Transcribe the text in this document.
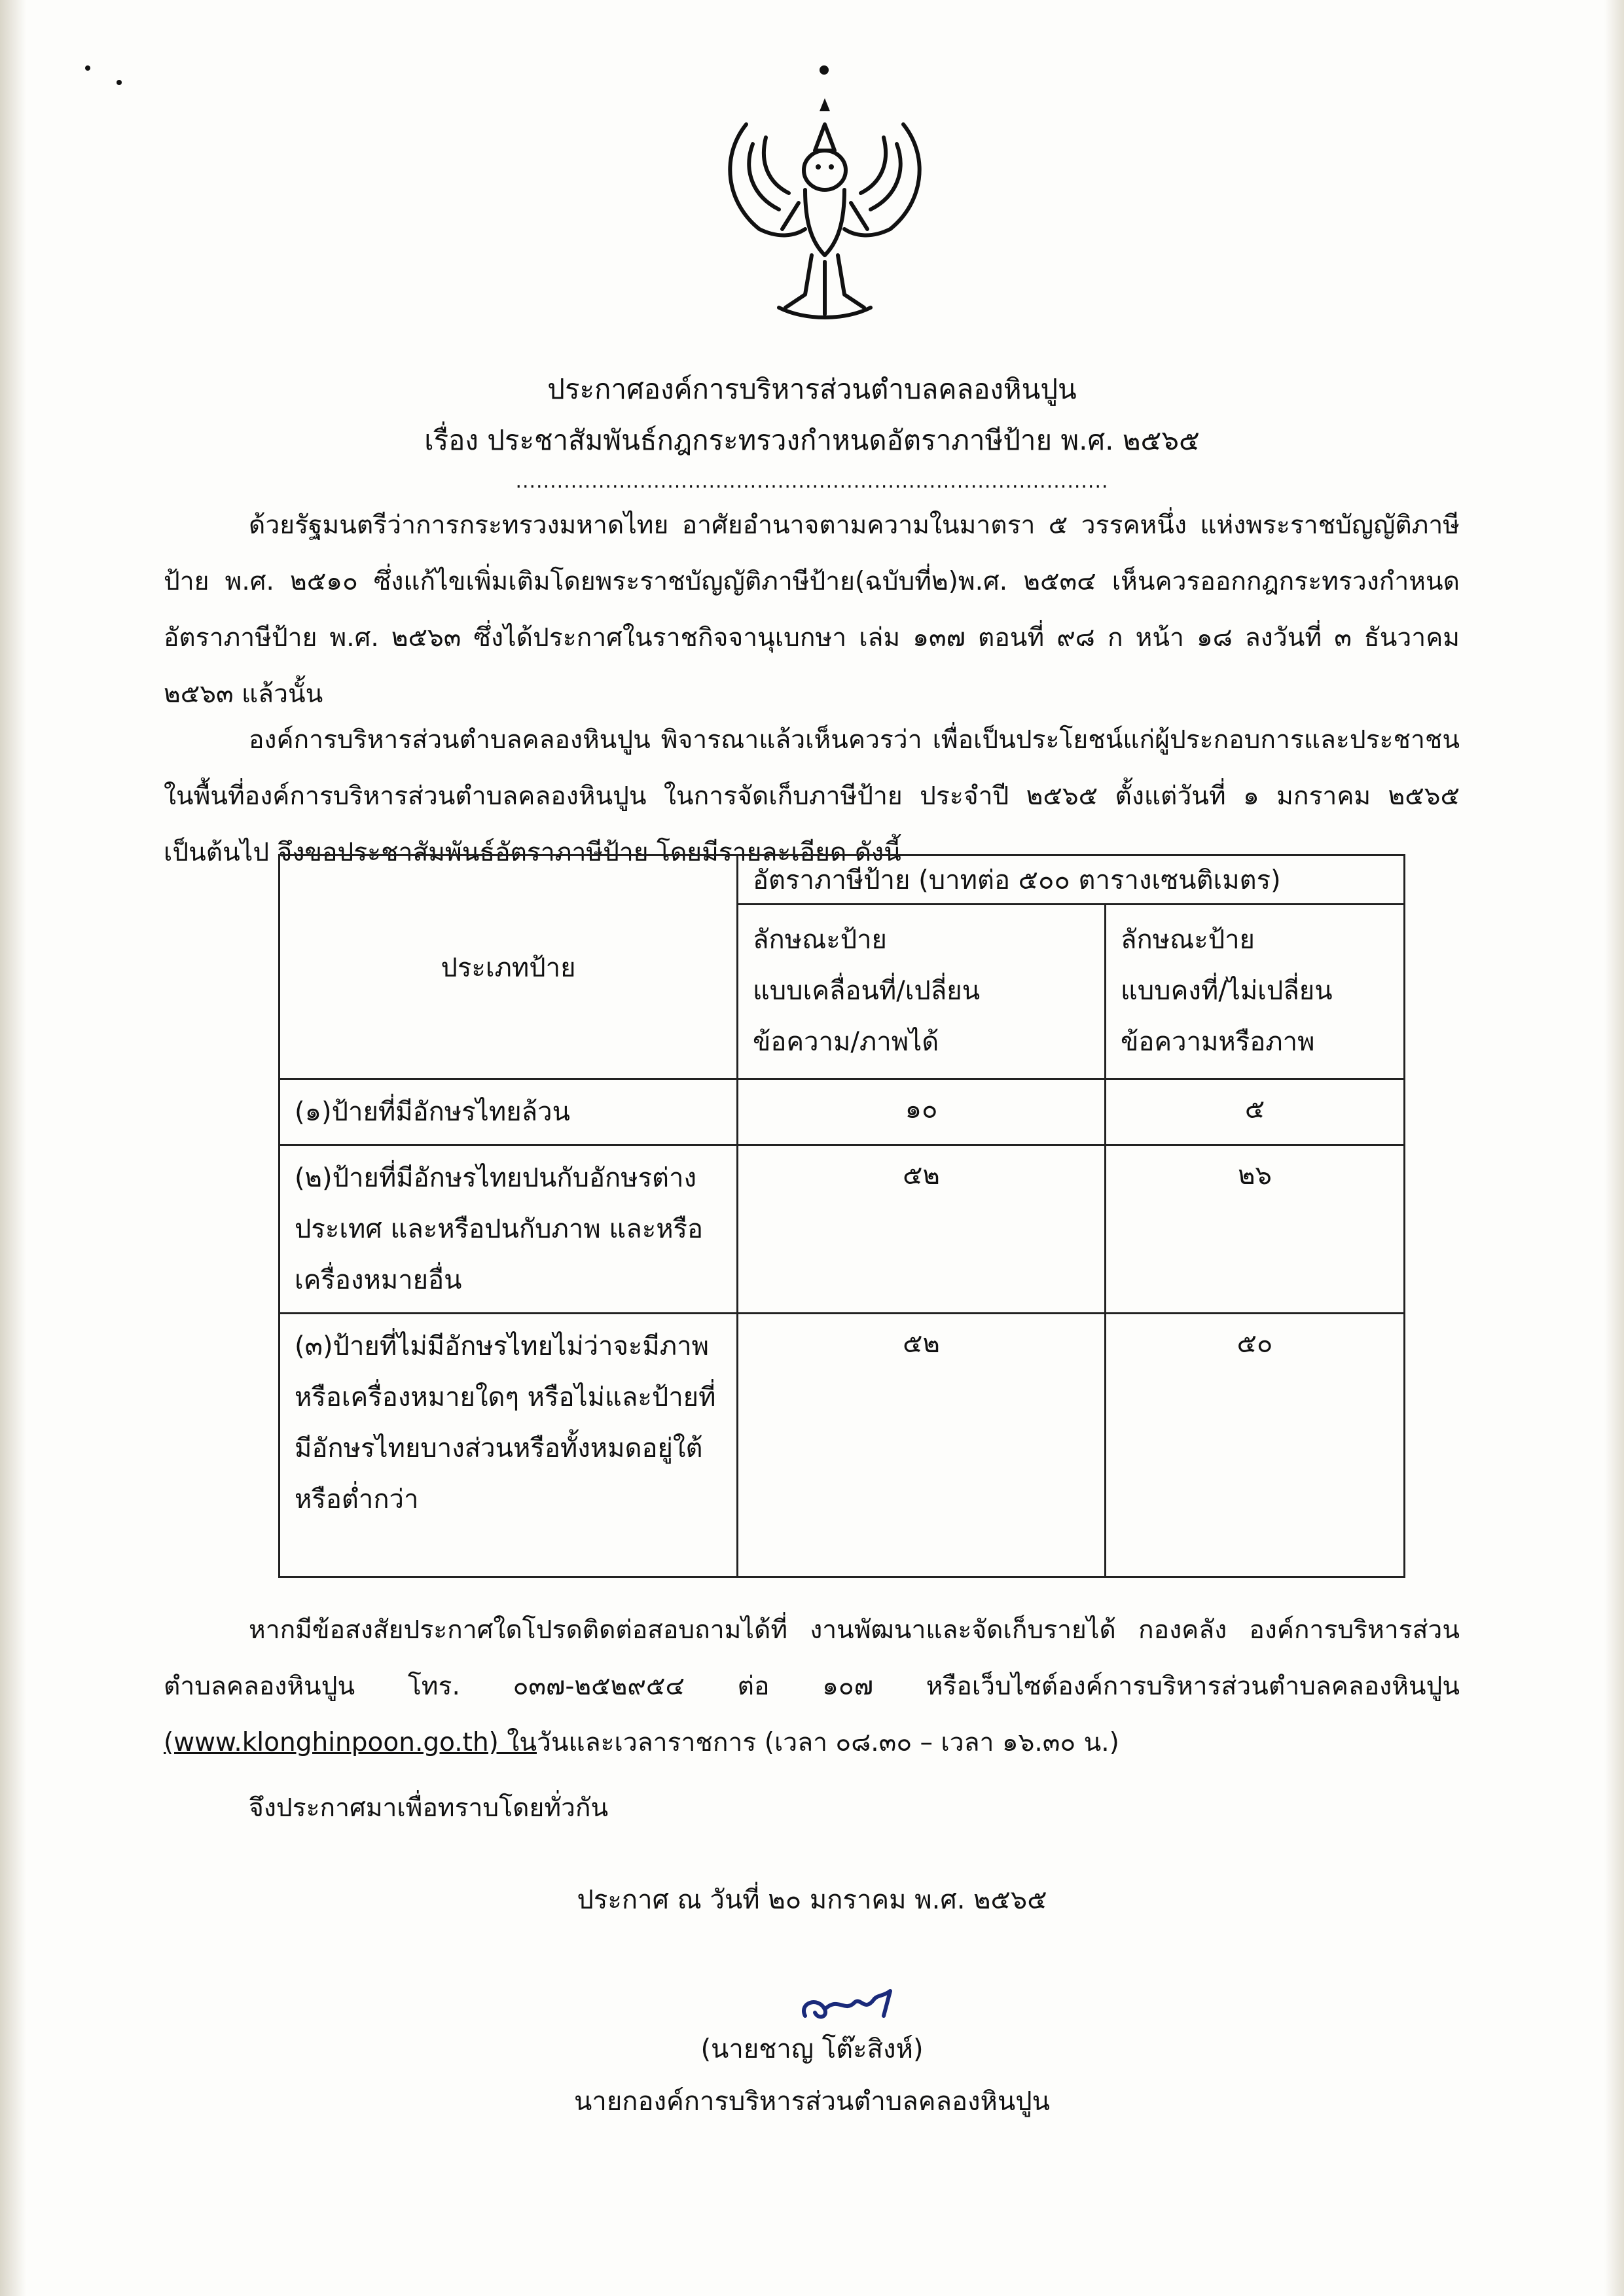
ประกาศองค์การบริหารส่วนตำบลคลองหินปูน
เรื่อง ประชาสัมพันธ์กฎกระทรวงกำหนดอัตราภาษีป้าย พ.ศ. ๒๕๖๕
......................................................................................
ด้วยรัฐมนตรีว่าการกระทรวงมหาดไทย อาศัยอำนาจตามความในมาตรา ๕ วรรคหนึ่ง แห่งพระราชบัญญัติภาษีป้าย พ.ศ. ๒๕๑๐ ซึ่งแก้ไขเพิ่มเติมโดยพระราชบัญญัติภาษีป้าย(ฉบับที่๒)พ.ศ. ๒๕๓๔ เห็นควรออกกฎกระทรวงกำหนดอัตราภาษีป้าย พ.ศ. ๒๕๖๓ ซึ่งได้ประกาศในราชกิจจานุเบกษา เล่ม ๑๓๗ ตอนที่ ๙๘ ก หน้า ๑๘ ลงวันที่ ๓ ธันวาคม ๒๕๖๓ แล้วนั้น
องค์การบริหารส่วนตำบลคลองหินปูน พิจารณาแล้วเห็นควรว่า เพื่อเป็นประโยชน์แก่ผู้ประกอบการและประชาชนในพื้นที่องค์การบริหารส่วนตำบลคลองหินปูน ในการจัดเก็บภาษีป้าย ประจำปี ๒๕๖๕ ตั้งแต่วันที่ ๑ มกราคม ๒๕๖๕ เป็นต้นไป จึงขอประชาสัมพันธ์อัตราภาษีป้าย โดยมีรายละเอียด ดังนี้
ประเภทป้าย	อัตราภาษีป้าย (บาทต่อ ๕๐๐ ตารางเซนติเมตร)	
	ลักษณะป้าย
แบบเคลื่อนที่/เปลี่ยน
ข้อความ/ภาพได้	ลักษณะป้าย
แบบคงที่/ไม่เปลี่ยน
ข้อความหรือภาพ
(๑)ป้ายที่มีอักษรไทยล้วน	๑๐	๕
(๒)ป้ายที่มีอักษรไทยปนกับอักษรต่างประเทศ และหรือปนกับภาพ และหรือเครื่องหมายอื่น	๕๒	๒๖
(๓)ป้ายที่ไม่มีอักษรไทยไม่ว่าจะมีภาพหรือเครื่องหมายใดๆ หรือไม่และป้ายที่มีอักษรไทยบางส่วนหรือทั้งหมดอยู่ใต้หรือต่ำกว่า	๕๒	๕๐
หากมีข้อสงสัยประกาศใดโปรดติดต่อสอบถามได้ที่ งานพัฒนาและจัดเก็บรายได้ กองคลัง องค์การบริหารส่วนตำบลคลองหินปูน โทร. ๐๓๗-๒๕๒๙๕๔ ต่อ ๑๐๗ หรือเว็บไซต์องค์การบริหารส่วนตำบลคลองหินปูน (www.klonghinpoon.go.th) ในวันและเวลาราชการ (เวลา ๐๘.๓๐ – เวลา ๑๖.๓๐ น.)
จึงประกาศมาเพื่อทราบโดยทั่วกัน
ประกาศ ณ วันที่ ๒๐ มกราคม พ.ศ. ๒๕๖๕
(นายชาญ โต๊ะสิงห์)
นายกองค์การบริหารส่วนตำบลคลองหินปูน
